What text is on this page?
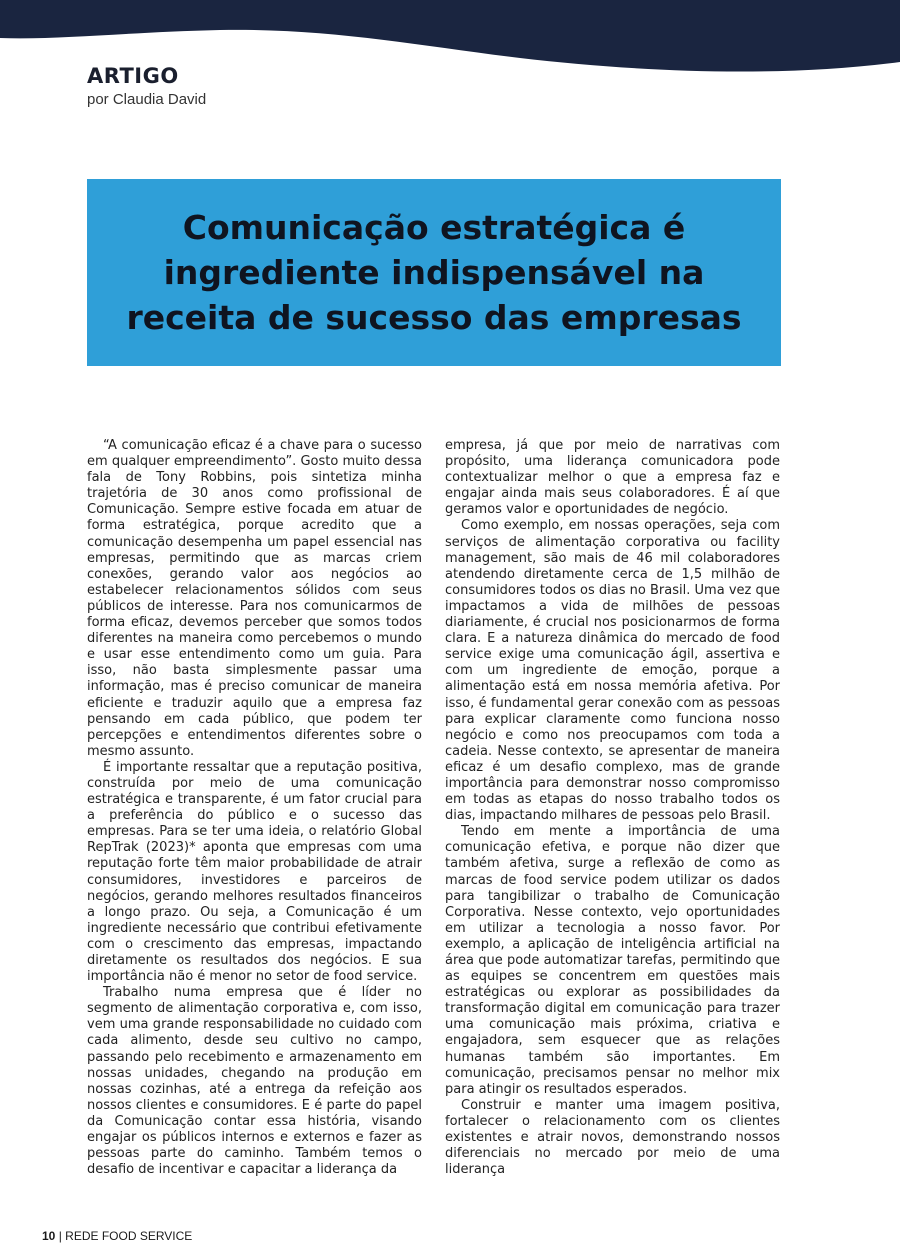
ARTIGO

por Claudia David

Comunicação estratégica é ingrediente indispensável na receita de sucesso das empresas

“A comunicação eficaz é a chave para o sucesso em qualquer empreendimento”. Gosto muito dessa fala de Tony Robbins, pois sintetiza minha trajetória de 30 anos como profissional de Comunicação. Sempre estive focada em atuar de forma estratégica, porque acredito que a comunicação desempenha um papel essencial nas empresas, permitindo que as marcas criem conexões, gerando valor aos negócios ao estabelecer relacionamentos sólidos com seus públicos de interesse. Para nos comunicarmos de forma eficaz, devemos perceber que somos todos diferentes na maneira como percebemos o mundo e usar esse entendimento como um guia. Para isso, não basta simplesmente passar uma informação, mas é preciso comunicar de maneira eficiente e traduzir aquilo que a empresa faz pensando em cada público, que podem ter percepções e entendimentos diferentes sobre o mesmo assunto.

É importante ressaltar que a reputação positiva, construída por meio de uma comunicação estratégica e transparente, é um fator crucial para a preferência do público e o sucesso das empresas. Para se ter uma ideia, o relatório Global RepTrak (2023)* aponta que empresas com uma reputação forte têm maior probabilidade de atrair consumidores, investidores e parceiros de negócios, gerando melhores resultados financeiros a longo prazo. Ou seja, a Comunicação é um ingrediente necessário que contribui efetivamente com o crescimento das empresas, impactando diretamente os resultados dos negócios. E sua importância não é menor no setor de food service.

Trabalho numa empresa que é líder no segmento de alimentação corporativa e, com isso, vem uma grande responsabilidade no cuidado com cada alimento, desde seu cultivo no campo, passando pelo recebimento e armazenamento em nossas unidades, chegando na produção em nossas cozinhas, até a entrega da refeição aos nossos clientes e consumidores. E é parte do papel da Comunicação contar essa história, visando engajar os públicos internos e externos e fazer as pessoas parte do caminho. Também temos o desafio de incentivar e capacitar a liderança da

empresa, já que por meio de narrativas com propósito, uma liderança comunicadora pode contextualizar melhor o que a empresa faz e engajar ainda mais seus colaboradores. É aí que geramos valor e oportunidades de negócio.

Como exemplo, em nossas operações, seja com serviços de alimentação corporativa ou facility management, são mais de 46 mil colaboradores atendendo diretamente cerca de 1,5 milhão de consumidores todos os dias no Brasil. Uma vez que impactamos a vida de milhões de pessoas diariamente, é crucial nos posicionarmos de forma clara. E a natureza dinâmica do mercado de food service exige uma comunicação ágil, assertiva e com um ingrediente de emoção, porque a alimentação está em nossa memória afetiva. Por isso, é fundamental gerar conexão com as pessoas para explicar claramente como funciona nosso negócio e como nos preocupamos com toda a cadeia. Nesse contexto, se apresentar de maneira eficaz é um desafio complexo, mas de grande importância para demonstrar nosso compromisso em todas as etapas do nosso trabalho todos os dias, impactando milhares de pessoas pelo Brasil.

Tendo em mente a importância de uma comunicação efetiva, e porque não dizer que também afetiva, surge a reflexão de como as marcas de food service podem utilizar os dados para tangibilizar o trabalho de Comunicação Corporativa. Nesse contexto, vejo oportunidades em utilizar a tecnologia a nosso favor. Por exemplo, a aplicação de inteligência artificial na área que pode automatizar tarefas, permitindo que as equipes se concentrem em questões mais estratégicas ou explorar as possibilidades da transformação digital em comunicação para trazer uma comunicação mais próxima, criativa e engajadora, sem esquecer que as relações humanas também são importantes. Em comunicação, precisamos pensar no melhor mix para atingir os resultados esperados.

Construir e manter uma imagem positiva, fortalecer o relacionamento com os clientes existentes e atrair novos, demonstrando nossos diferenciais no mercado por meio de uma liderança

10 | REDE FOOD SERVICE
